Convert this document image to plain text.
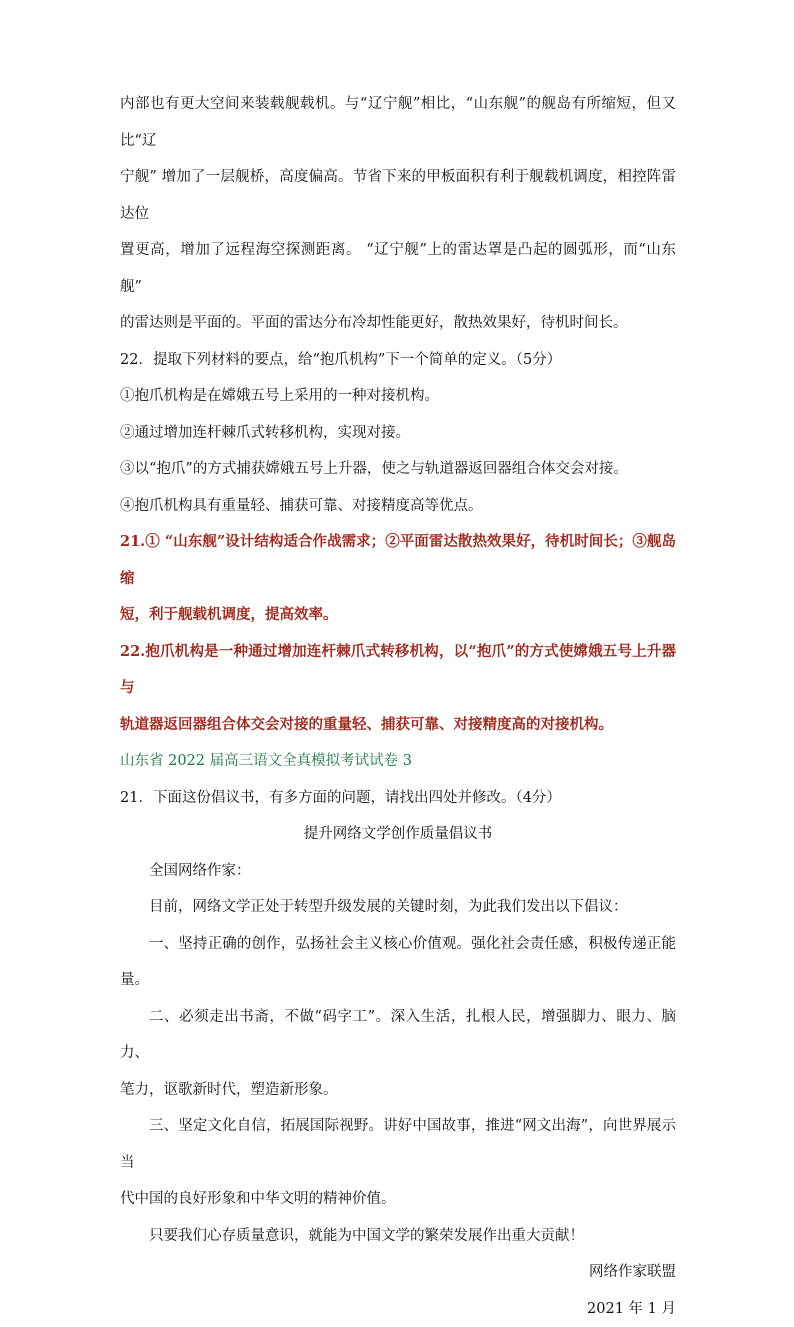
内部也有更大空间来装载舰载机。与“辽宁舰”相比，“山东舰”的舰岛有所缩短，但又比“辽

宁舰” 增加了一层舰桥，高度偏高。节省下来的甲板面积有利于舰载机调度，相控阵雷达位

置更高，增加了远程海空探测距离。 “辽宁舰”上的雷达罩是凸起的圆弧形，而“山东舰”

的雷达则是平面的。平面的雷达分布冷却性能更好，散热效果好，待机时间长。

22．提取下列材料的要点，给“抱爪机构”下一个简单的定义。（5分）

①抱爪机构是在嫦娥五号上采用的一种对接机构。

②通过增加连杆棘爪式转移机构，实现对接。

③以“抱爪”的方式捕获嫦娥五号上升器，使之与轨道器返回器组合体交会对接。

④抱爪机构具有重量轻、捕获可靠、对接精度高等优点。

21.① “山东舰”设计结构适合作战需求；②平面雷达散热效果好，待机时间长；③舰岛缩

短，利于舰载机调度，提高效率。

22.抱爪机构是一种通过增加连杆棘爪式转移机构，以“抱爪”的方式使嫦娥五号上升器与

轨道器返回器组合体交会对接的重量轻、捕获可靠、对接精度高的对接机构。

山东省 2022 届高三语文全真模拟考试试卷 3

21．下面这份倡议书，有多方面的问题，请找出四处并修改。（4分）

提升网络文学创作质量倡议书

全国网络作家：

目前，网络文学正处于转型升级发展的关键时刻，为此我们发出以下倡议：

一、坚持正确的创作，弘扬社会主义核心价值观。强化社会责任感，积极传递正能量。

二、必须走出书斋，不做“码字工”。深入生活，扎根人民，增强脚力、眼力、脑力、

笔力，讴歌新时代，塑造新形象。

三、坚定文化自信，拓展国际视野。讲好中国故事，推进“网文出海”，向世界展示当

代中国的良好形象和中华文明的精神价值。

只要我们心存质量意识，就能为中国文学的繁荣发展作出重大贡献！

网络作家联盟

2021 年 1 月
